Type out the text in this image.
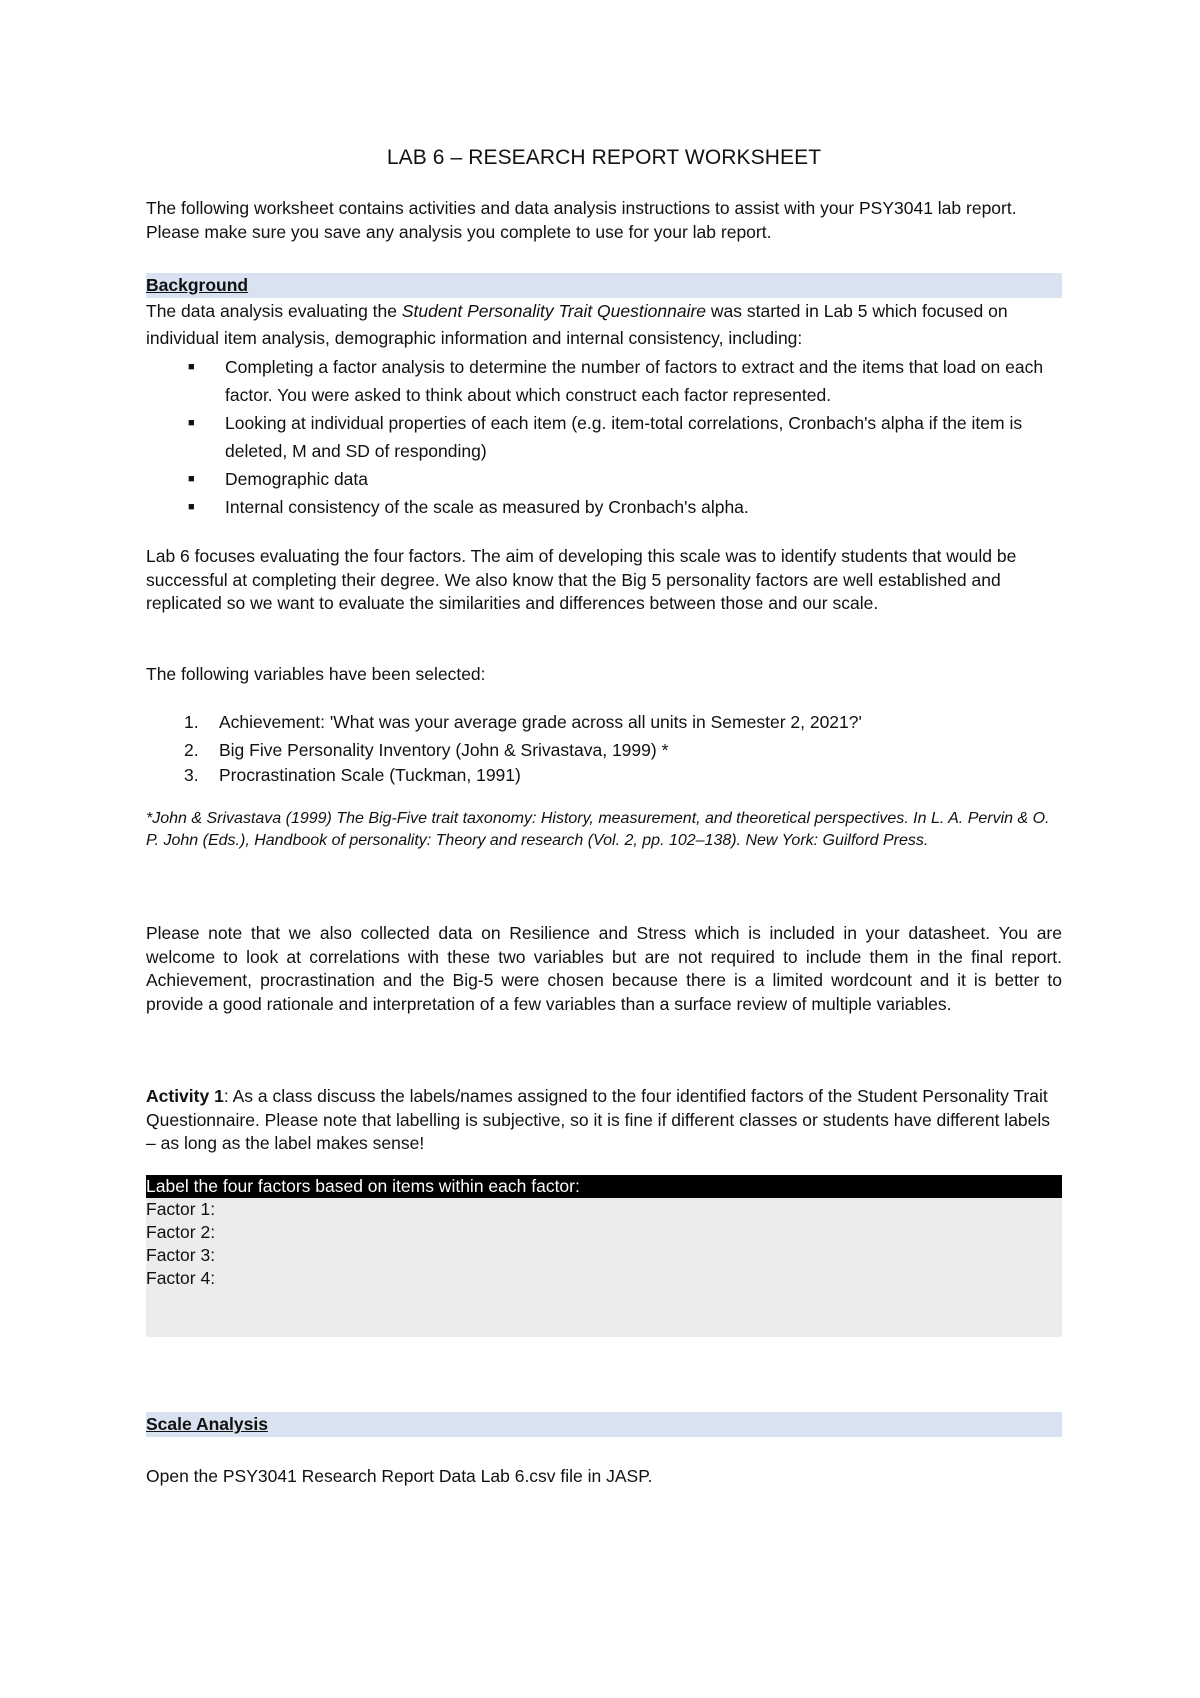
LAB 6 – RESEARCH REPORT WORKSHEET

The following worksheet contains activities and data analysis instructions to assist with your PSY3041 lab report. Please make sure you save any analysis you complete to use for your lab report.

Background

The data analysis evaluating the Student Personality Trait Questionnaire was started in Lab 5 which focused on individual item analysis, demographic information and internal consistency, including:

■ Completing a factor analysis to determine the number of factors to extract and the items that load on each factor. You were asked to think about which construct each factor represented.
■ Looking at individual properties of each item (e.g. item-total correlations, Cronbach's alpha if the item is deleted, M and SD of responding)
■ Demographic data
■ Internal consistency of the scale as measured by Cronbach's alpha.

Lab 6 focuses evaluating the four factors. The aim of developing this scale was to identify students that would be successful at completing their degree. We also know that the Big 5 personality factors are well established and replicated so we want to evaluate the similarities and differences between those and our scale.

The following variables have been selected:

1. Achievement: 'What was your average grade across all units in Semester 2, 2021?'
2. Big Five Personality Inventory (John & Srivastava, 1999) *
3. Procrastination Scale (Tuckman, 1991)

*John & Srivastava (1999) The Big-Five trait taxonomy: History, measurement, and theoretical perspectives. In L. A. Pervin & O. P. John (Eds.), Handbook of personality: Theory and research (Vol. 2, pp. 102–138). New York: Guilford Press.

Please note that we also collected data on Resilience and Stress which is included in your datasheet. You are welcome to look at correlations with these two variables but are not required to include them in the final report. Achievement, procrastination and the Big-5 were chosen because there is a limited wordcount and it is better to provide a good rationale and interpretation of a few variables than a surface review of multiple variables.

Activity 1: As a class discuss the labels/names assigned to the four identified factors of the Student Personality Trait Questionnaire. Please note that labelling is subjective, so it is fine if different classes or students have different labels – as long as the label makes sense!

Label the four factors based on items within each factor:
Factor 1:
Factor 2:
Factor 3:
Factor 4:
Scale Analysis

Open the PSY3041 Research Report Data Lab 6.csv file in JASP.
